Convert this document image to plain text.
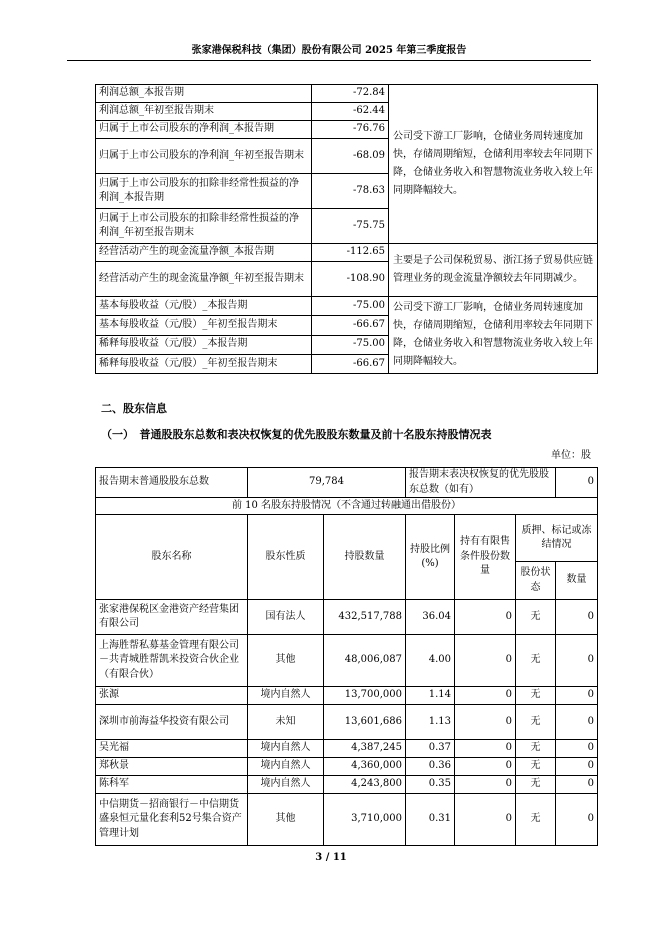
张家港保税科技（集团）股份有限公司 2025 年第三季度报告
利润总额_本报告期	-72.84	公司受下游工厂影响，仓储业务周转速度加快，存储周期缩短，仓储利用率较去年同期下降，仓储业务收入和智慧物流业务收入较上年同期降幅较大。
利润总额_年初至报告期末	-62.44	
归属于上市公司股东的净利润_本报告期	-76.76	
归属于上市公司股东的净利润_年初至报告期末	-68.09	
归属于上市公司股东的扣除非经常性损益的净利润_本报告期	-78.63	
归属于上市公司股东的扣除非经常性损益的净利润_年初至报告期末	-75.75	
经营活动产生的现金流量净额_本报告期	-112.65	主要是子公司保税贸易、浙江扬子贸易供应链管理业务的现金流量净额较去年同期减少。
经营活动产生的现金流量净额_年初至报告期末	-108.90	
基本每股收益（元/股）_本报告期	-75.00	公司受下游工厂影响，仓储业务周转速度加快，存储周期缩短，仓储利用率较去年同期下降，仓储业务收入和智慧物流业务收入较上年同期降幅较大。
基本每股收益（元/股）_年初至报告期末	-66.67	
稀释每股收益（元/股）_本报告期	-75.00	
稀释每股收益（元/股）_年初至报告期末	-66.67	
二、股东信息
（一）　普通股股东总数和表决权恢复的优先股股东数量及前十名股东持股情况表
单位：股
报告期末普通股股东总数	79,784		报告期末表决权恢复的优先股股东总数（如有）			0
前 10 名股东持股情况（不含通过转融通出借股份）						
股东名称	股东性质	持股数量	持股比例(%)	持有有限售条件股份数量	质押、标记或冻结情况	
					股份状态	数量
张家港保税区金港资产经营集团有限公司	国有法人	432,517,788	36.04	0	无	0
上海胜帮私募基金管理有限公司－共青城胜帮凯米投资合伙企业（有限合伙）	其他	48,006,087	4.00	0	无	0
张源	境内自然人	13,700,000	1.14	0	无	0
深圳市前海益华投资有限公司	未知	13,601,686	1.13	0	无	0
吴光福	境内自然人	4,387,245	0.37	0	无	0
郑秋景	境内自然人	4,360,000	0.36	0	无	0
陈科军	境内自然人	4,243,800	0.35	0	无	0
中信期货－招商银行－中信期货盛泉恒元量化套利52号集合资产管理计划	其他	3,710,000	0.31	0	无	0
3 / 11
